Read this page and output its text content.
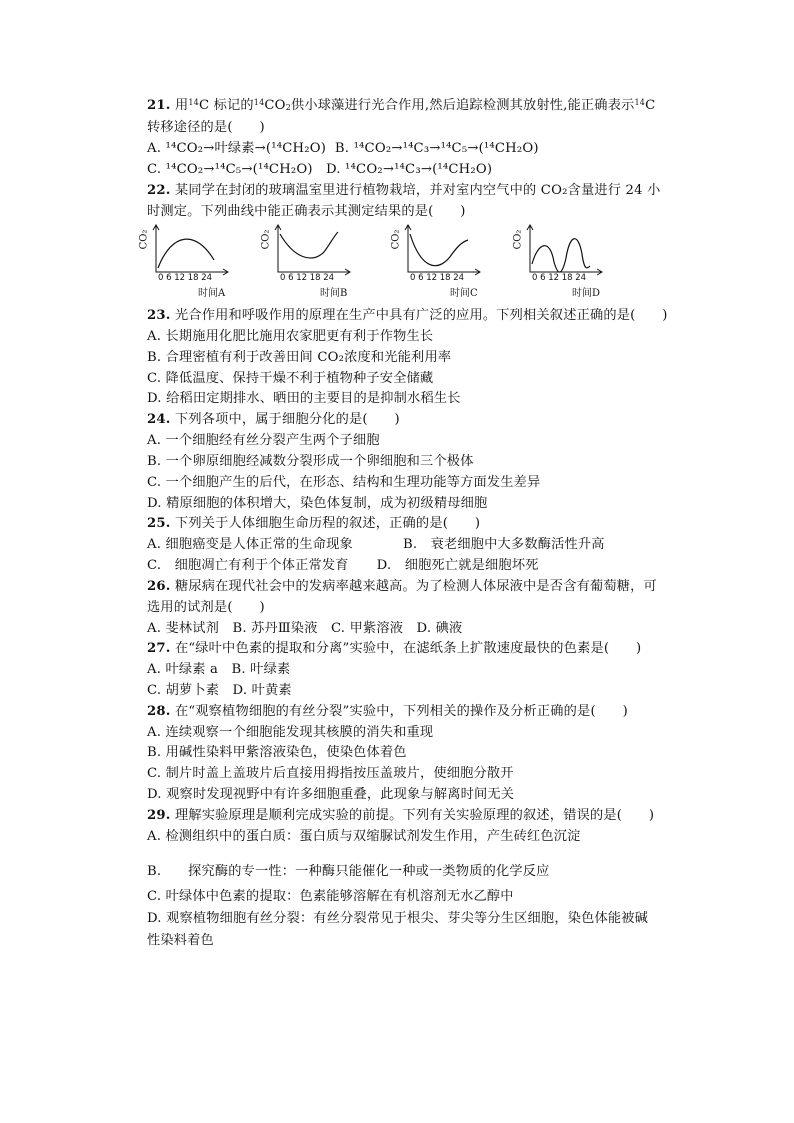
21. 用$^{14}$C 标记的$^{14}CO_2$供小球藻进行光合作用,然后追踪检测其放射性,能正确表示$^{14}$C
转移途径的是(　　)
A. ¹⁴CO₂→叶绿素→(¹⁴CH₂O) B. ¹⁴CO₂→¹⁴C₃→¹⁴C₅→(¹⁴CH₂O)
C. ¹⁴CO₂→¹⁴C₅→(¹⁴CH₂O) D. ¹⁴CO₂→¹⁴C₃→(¹⁴CH₂O)
22. 某同学在封闭的玻璃温室里进行植物栽培，并对室内空气中的 CO₂含量进行 24 小
时测定。下列曲线中能正确表示其测定结果的是(　　)
CO₂
0 6 12 18 24
时间A
CO₂
0 6 12 18 24
时间B
CO₂
0 6 12 18 24
时间C
CO₂
0 6 12 18 24
时间D
23. 光合作用和呼吸作用的原理在生产中具有广泛的应用。下列相关叙述正确的是(　　)
A. 长期施用化肥比施用农家肥更有利于作物生长
B. 合理密植有利于改善田间 CO₂浓度和光能利用率
C. 降低温度、保持干燥不利于植物种子安全储藏
D. 给稻田定期排水、晒田的主要目的是抑制水稻生长
24. 下列各项中，属于细胞分化的是(　　)
A. 一个细胞经有丝分裂产生两个子细胞
B. 一个卵原细胞经减数分裂形成一个卵细胞和三个极体
C. 一个细胞产生的后代，在形态、结构和生理功能等方面发生差异
D. 精原细胞的体积增大，染色体复制，成为初级精母细胞
25. 下列关于人体细胞生命历程的叙述，正确的是(　　)
A. 细胞癌变是人体正常的生命现象	B.　衰老细胞中大多数酶活性升高
C.　细胞凋亡有利于个体正常发育 D.　细胞死亡就是细胞坏死
26. 糖尿病在现代社会中的发病率越来越高。为了检测人体尿液中是否含有葡萄糖，可
选用的试剂是(　　)
A. 斐林试剂　B. 苏丹Ⅲ染液　C. 甲紫溶液　D. 碘液
27. 在“绿叶中色素的提取和分离”实验中，在滤纸条上扩散速度最快的色素是(　　)
A. 叶绿素 a　B. 叶绿素
C. 胡萝卜素　D. 叶黄素
28. 在“观察植物细胞的有丝分裂”实验中，下列相关的操作及分析正确的是(　　)
A. 连续观察一个细胞能发现其核膜的消失和重现
B. 用碱性染料甲紫溶液染色，使染色体着色
C. 制片时盖上盖玻片后直接用拇指按压盖玻片，使细胞分散开
D. 观察时发现视野中有许多细胞重叠，此现象与解离时间无关
29. 理解实验原理是顺利完成实验的前提。下列有关实验原理的叙述，错误的是(　　)
A. 检测组织中的蛋白质：蛋白质与双缩脲试剂发生作用，产生砖红色沉淀
B.　　探究酶的专一性：一种酶只能催化一种或一类物质的化学反应
C. 叶绿体中色素的提取：色素能够溶解在有机溶剂无水乙醇中
D. 观察植物细胞有丝分裂：有丝分裂常见于根尖、芽尖等分生区细胞，染色体能被碱
性染料着色
